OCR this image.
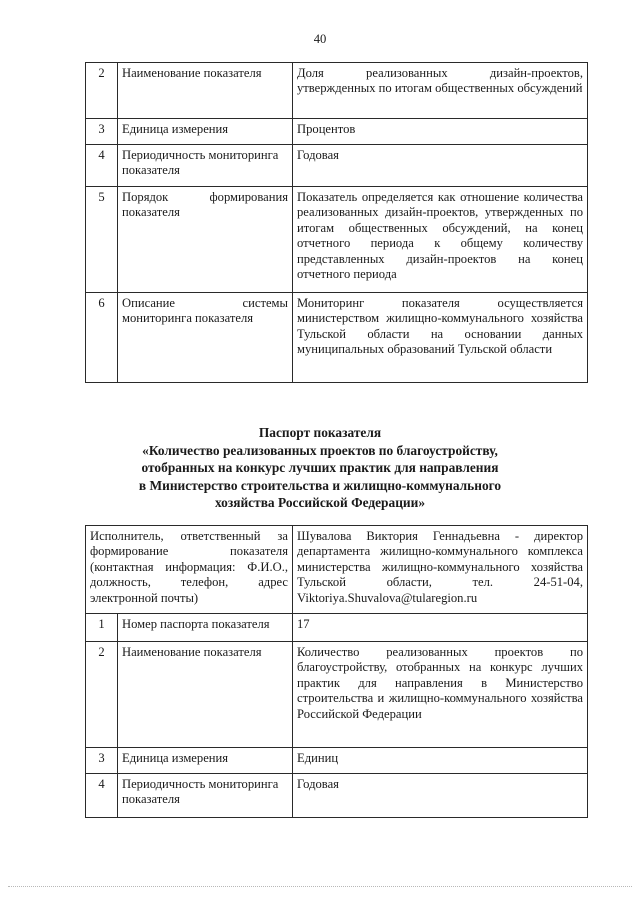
40
2	Наименование показателя	Доля реализованных дизайн-проектов, утвержденных по итогам общественных обсуждений
3	Единица измерения	Процентов
4	Периодичность мониторинга показателя	Годовая
5	Порядок формирования показателя	Показатель определяется как отношение количества реализованных дизайн-проектов, утвержденных по итогам общественных обсуждений, на конец отчетного периода к общему количеству представленных дизайн-проектов на конец отчетного периода
6	Описание системы мониторинга показателя	Мониторинг показателя осуществляется министерством жилищно-коммунального хозяйства Тульской области на основании данных муниципальных образований Тульской области
Паспорт показателя
«Количество реализованных проектов по благоустройству,
отобранных на конкурс лучших практик для направления
в Министерство строительства и жилищно-коммунального
хозяйства Российской Федерации»
Исполнитель, ответственный за формирование показателя (контактная информация: Ф.И.О., должность, телефон, адрес электронной почты)		Шувалова Виктория Геннадьевна - директор департамента жилищно-коммунального комплекса министерства жилищно-коммунального хозяйства Тульской области, тел. 24-51-04, Viktoriya.Shuvalova@tularegion.ru
1	Номер паспорта показателя	17
2	Наименование показателя	Количество реализованных проектов по благоустройству, отобранных на конкурс лучших практик для направления в Министерство строительства и жилищно-коммунального хозяйства Российской Федерации
3	Единица измерения	Единиц
4	Периодичность мониторинга показателя	Годовая
